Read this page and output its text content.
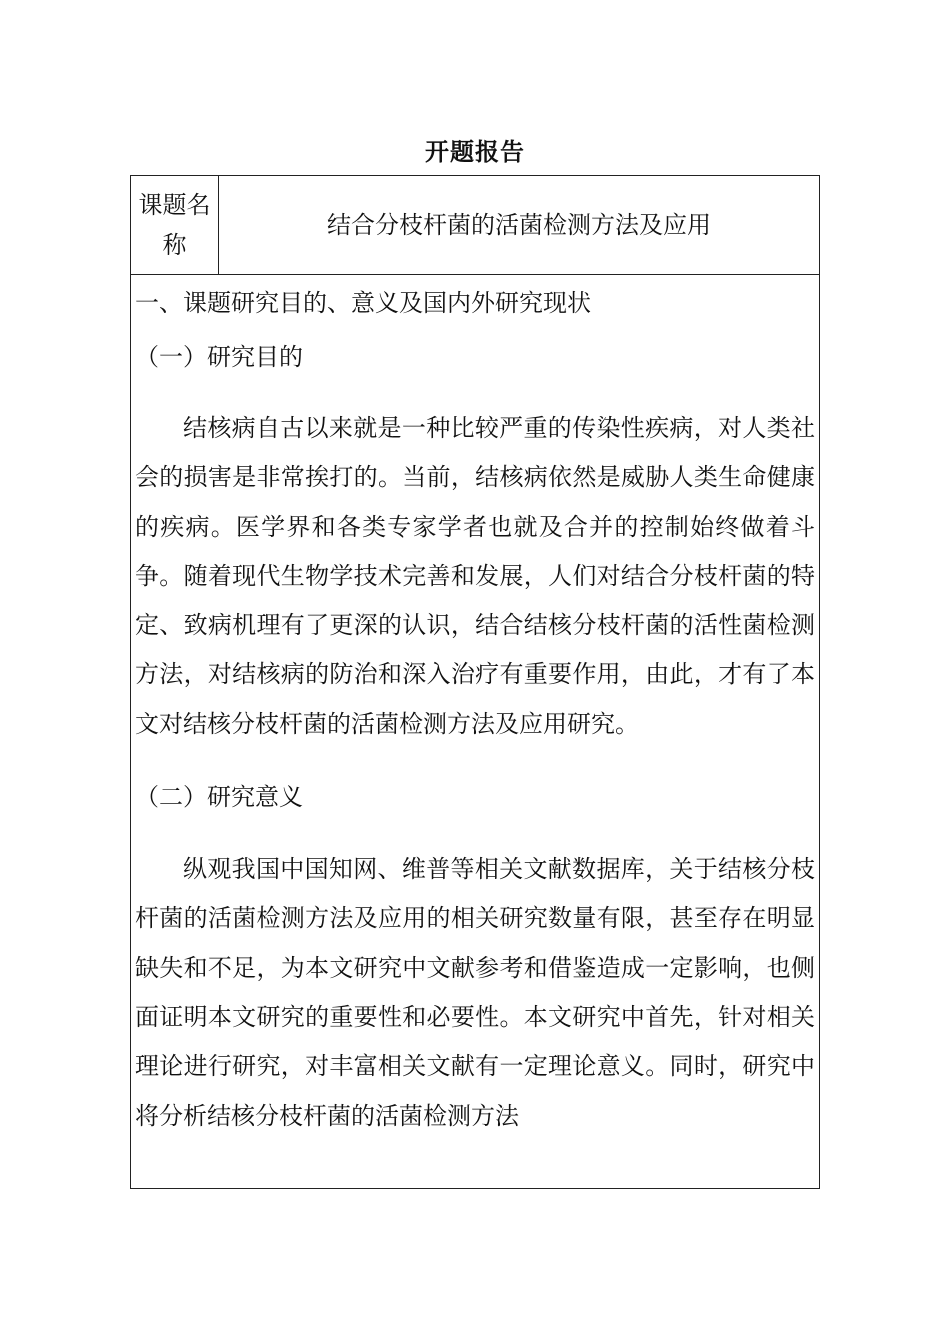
开题报告
课题名称
结合分枝杆菌的活菌检测方法及应用
一、课题研究目的、意义及国内外研究现状
（一）研究目的

结核病自古以来就是一种比较严重的传染性疾病，对人类社会的损害是非常挨打的。当前，结核病依然是威胁人类生命健康的疾病。医学界和各类专家学者也就及合并的控制始终做着斗争。随着现代生物学技术完善和发展，人们对结合分枝杆菌的特定、致病机理有了更深的认识，结合结核分枝杆菌的活性菌检测方法，对结核病的防治和深入治疗有重要作用，由此，才有了本文对结核分枝杆菌的活菌检测方法及应用研究。

（二）研究意义

纵观我国中国知网、维普等相关文献数据库，关于结核分枝杆菌的活菌检测方法及应用的相关研究数量有限，甚至存在明显缺失和不足，为本文研究中文献参考和借鉴造成一定影响，也侧面证明本文研究的重要性和必要性。本文研究中首先，针对相关理论进行研究，对丰富相关文献有一定理论意义。同时，研究中将分析结核分枝杆菌的活菌检测方法
